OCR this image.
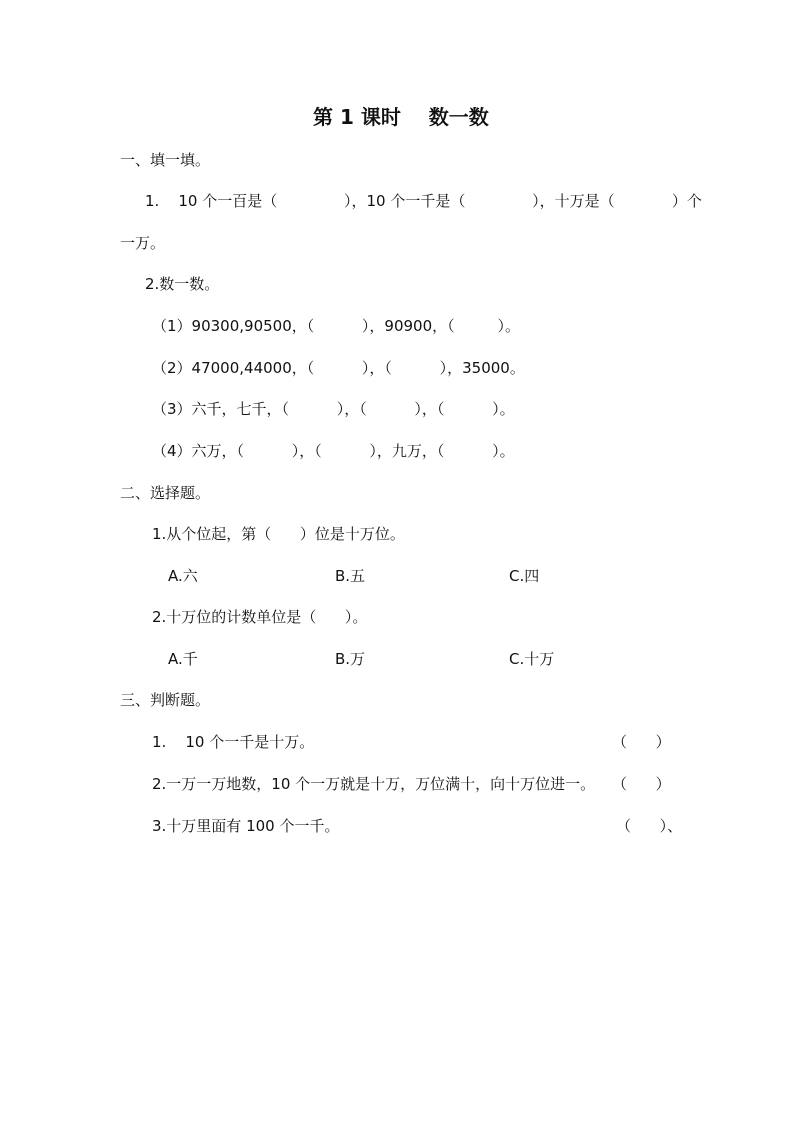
第 1 课时    数一数
一、填一填。
1.    10 个一百是（              ），10 个一千是（              ），十万是（            ）个
一万。
2.数一数。
（1）90300,90500，（          ），90900，（         ）。
（2）47000,44000，（          ），（          ），35000。
（3）六千，七千，（          ），（          ），（          ）。
（4）六万，（          ），（          ），九万，（          ）。
二、选择题。
1.从个位起，第（      ）位是十万位。
A.六	B.五	C.四
2.十万位的计数单位是（      ）。
A.千	B.万	C.十万
三、判断题。
1.    10 个一千是十万。	（      ）
2.一万一万地数，10 个一万就是十万，万位满十，向十万位进一。 （      ）
3.十万里面有 100 个一千。	（      ）、
